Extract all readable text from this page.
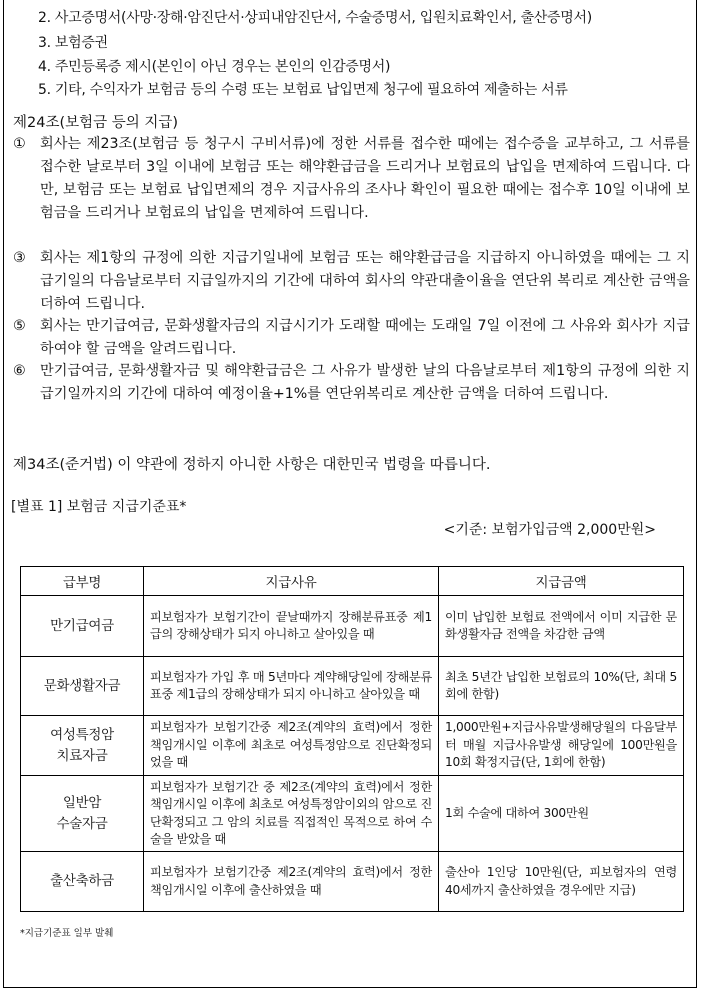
2. 사고증명서(사망·장해·암진단서·상피내암진단서, 수술증명서, 입원치료확인서, 출산증명서)
3. 보험증권
4. 주민등록증 제시(본인이 아닌 경우는 본인의 인감증명서)
5. 기타, 수익자가 보험금 등의 수령 또는 보험료 납입면제 청구에 필요하여 제출하는 서류
제24조(보험금 등의 지급)
① 회사는 제23조(보험금 등 청구시 구비서류)에 정한 서류를 접수한 때에는 접수증을 교부하고, 그 서류를 접수한 날로부터 3일 이내에 보험금 또는 해약환급금을 드리거나 보험료의 납입을 면제하여 드립니다. 다만, 보험금 또는 보험료 납입면제의 경우 지급사유의 조사나 확인이 필요한 때에는 접수후 10일 이내에 보험금을 드리거나 보험료의 납입을 면제하여 드립니다.
③ 회사는 제1항의 규정에 의한 지급기일내에 보험금 또는 해약환급금을 지급하지 아니하였을 때에는 그 지급기일의 다음날로부터 지급일까지의 기간에 대하여 회사의 약관대출이율을 연단위 복리로 계산한 금액을 더하여 드립니다.
⑤ 회사는 만기급여금, 문화생활자금의 지급시기가 도래할 때에는 도래일 7일 이전에 그 사유와 회사가 지급하여야 할 금액을 알려드립니다.
⑥ 만기급여금, 문화생활자금 및 해약환급금은 그 사유가 발생한 날의 다음날로부터 제1항의 규정에 의한 지급기일까지의 기간에 대하여 예정이율+1%를 연단위복리로 계산한 금액을 더하여 드립니다.
제34조(준거법) 이 약관에 정하지 아니한 사항은 대한민국 법령을 따릅니다.
[별표 1] 보험금 지급기준표*
<기준: 보험가입금액 2,000만원>
급부명	지급사유	지급금액
만기급여금	피보험자가 보험기간이 끝날때까지 장해분류표중 제1급의 장해상태가 되지 아니하고 살아있을 때	이미 납입한 보험료 전액에서 이미 지급한 문화생활자금 전액을 차감한 금액
문화생활자금	피보험자가 가입 후 매 5년마다 계약해당일에 장해분류표중 제1급의 장해상태가 되지 아니하고 살아있을 때	최초 5년간 납입한 보험료의 10%(단, 최대 5회에 한함)
여성특정암
치료자금	피보험자가 보험기간중 제2조(계약의 효력)에서 정한 책임개시일 이후에 최초로 여성특정암으로 진단확정되었을 때	1,000만원+지급사유발생해당월의 다음달부터 매월 지급사유발생 해당일에 100만원을 10회 확정지급(단, 1회에 한함)
일반암
수술자금	피보험자가 보험기간 중 제2조(계약의 효력)에서 정한 책임개시일 이후에 최초로 여성특정암이외의 암으로 진단확정되고 그 암의 치료를 직접적인 목적으로 하여 수술을 받았을 때	1회 수술에 대하여 300만원
출산축하금	피보험자가 보험기간중 제2조(계약의 효력)에서 정한 책임개시일 이후에 출산하였을 때	출산아 1인당 10만원(단, 피보험자의 연령 40세까지 출산하였을 경우에만 지급)
*지급기준표 일부 발췌
